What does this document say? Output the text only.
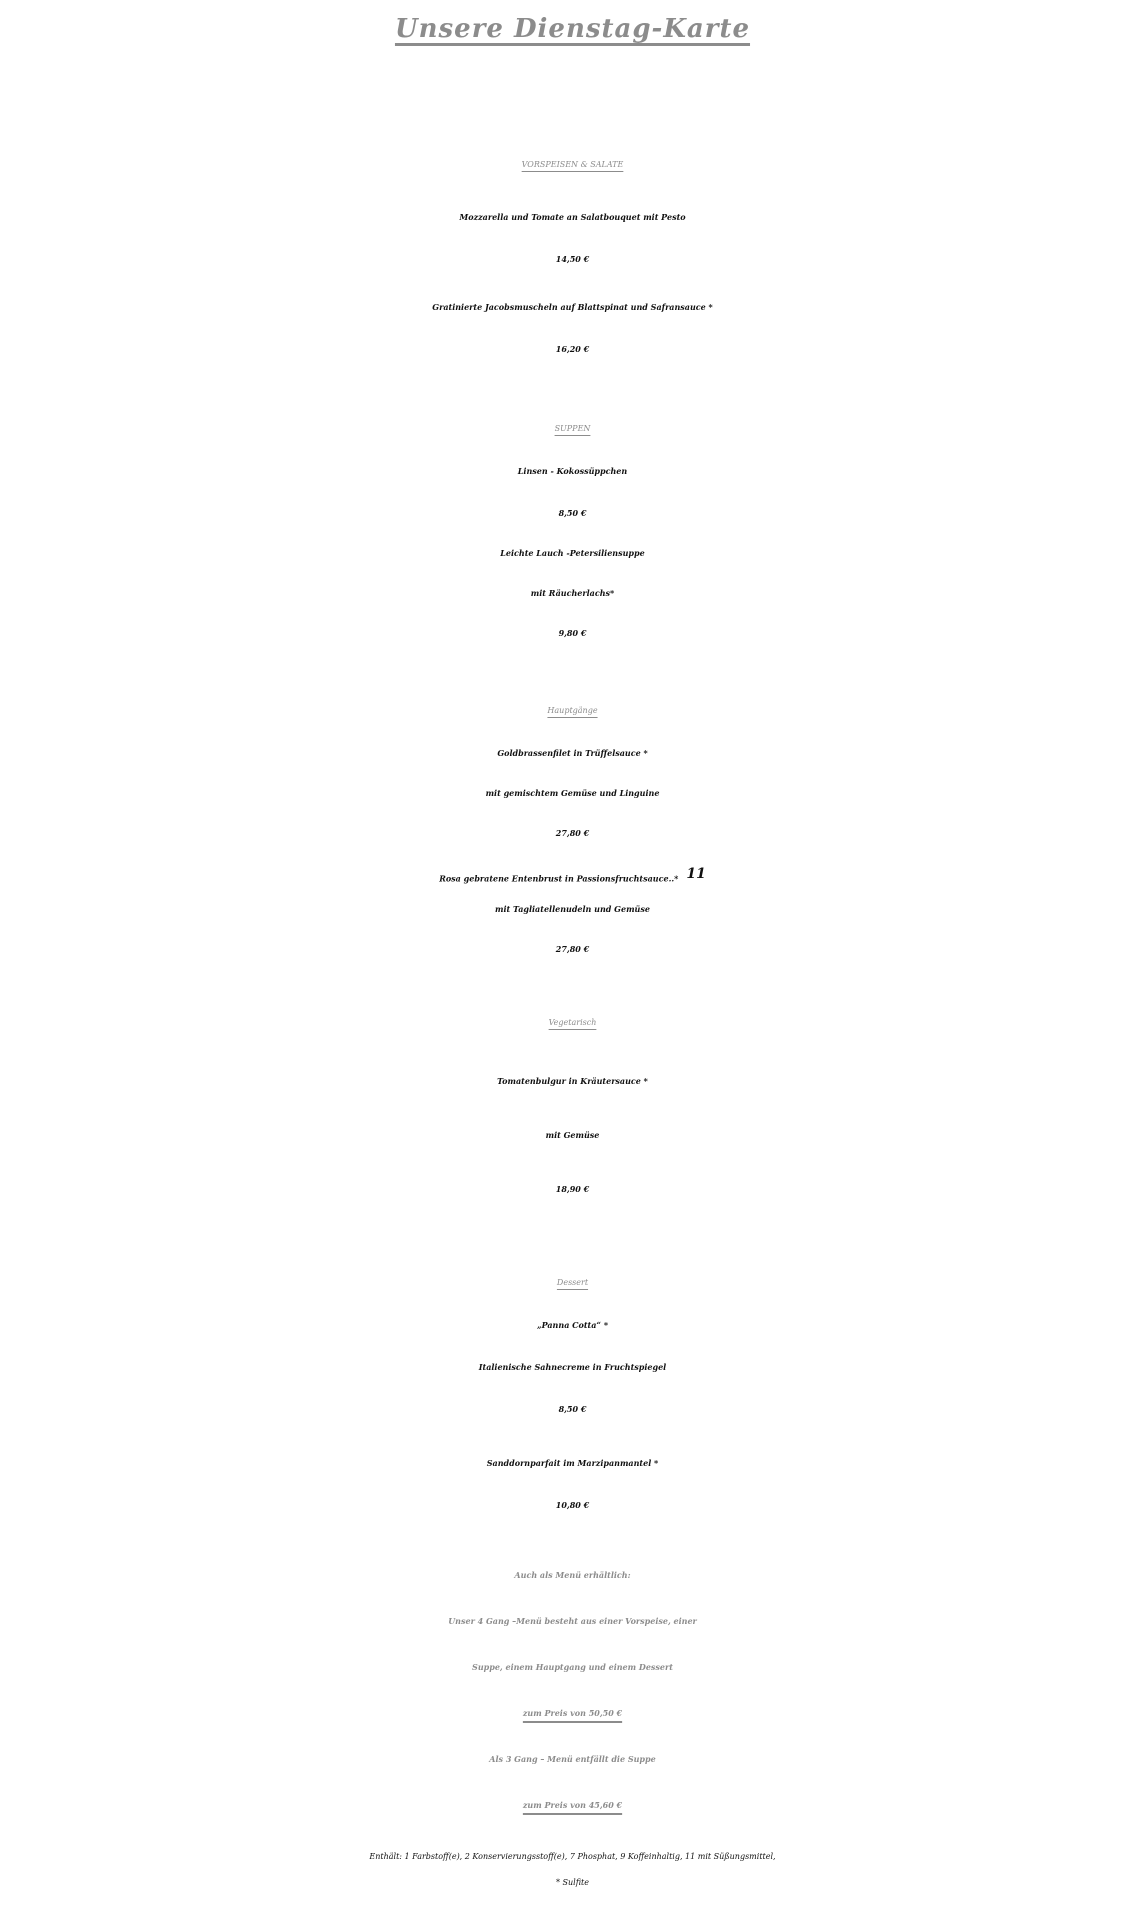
Unsere Dienstag-Karte
VORSPEISEN & SALATE
Mozzarella und Tomate an Salatbouquet mit Pesto
14,50 €
Gratinierte Jacobsmuscheln auf Blattspinat und Safransauce *
16,20 €
SUPPEN
Linsen - Kokossüppchen
8,50 €
Leichte Lauch -Petersiliensuppe
mit Räucherlachs*
9,80 €
Hauptgänge
Goldbrassenfilet in Trüffelsauce *
mit gemischtem Gemüse und Linguine
27,80 €
Rosa gebratene Entenbrust in Passionsfruchtsauce..* $^{11}$
mit Tagliatellenudeln und Gemüse
27,80 €
Vegetarisch
Tomatenbulgur in Kräutersauce *
mit Gemüse
18,90 €
Dessert
„Panna Cotta“ *
Italienische Sahnecreme in Fruchtspiegel
8,50 €
Sanddornparfait im Marzipanmantel *
10,80 €
Auch als Menü erhältlich:
Unser 4 Gang –Menü besteht aus einer Vorspeise, einer
Suppe, einem Hauptgang und einem Dessert
zum Preis von 50,50 €
Als 3 Gang – Menü entfällt die Suppe
zum Preis von 45,60 €
Enthält: 1 Farbstoff(e), 2 Konservierungsstoff(e), 7 Phosphat, 9 Koffeinhaltig, 11 mit Süßungsmittel,
* Sulfite
